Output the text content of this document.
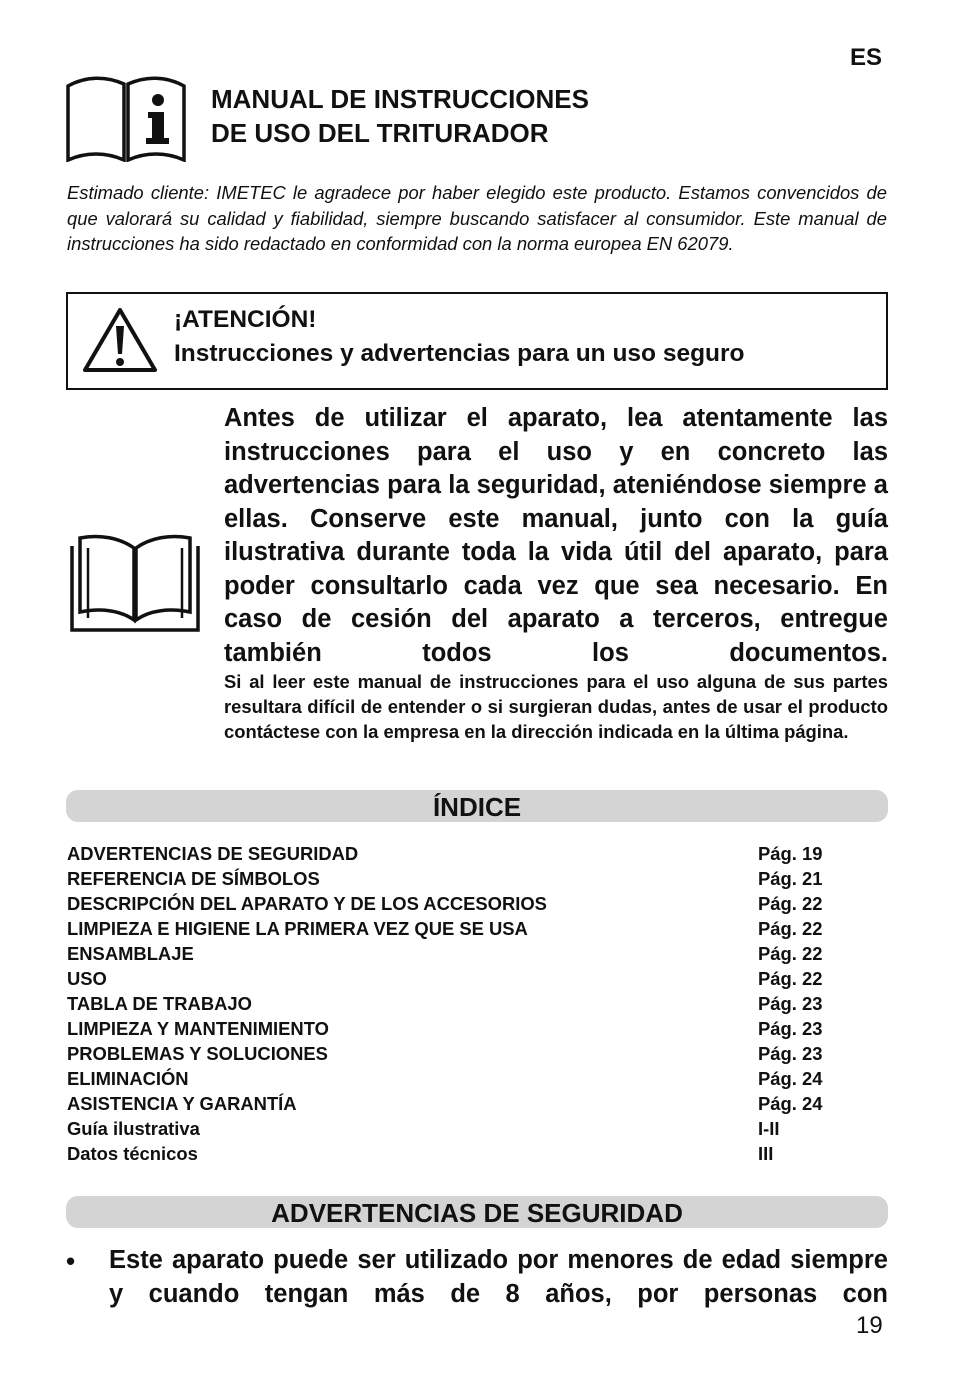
ES
MANUAL DE INSTRUCCIONES
DE USO DEL TRITURADOR
Estimado cliente: IMETEC le agradece por haber elegido este producto. Estamos convencidos de que valorará su calidad y fiabilidad, siempre buscando satisfacer al consumidor. Este manual de instrucciones ha sido redactado en conformidad con la norma europea EN 62079.
¡ATENCIÓN!
Instrucciones y advertencias para un uso seguro
Antes de utilizar el aparato, lea atentamente las instrucciones para el uso y en concreto las advertencias para la seguridad, ateniéndose siempre a ellas. Conserve este manual, junto con la guía ilustrativa durante toda la vida útil del aparato, para poder consultarlo cada vez que sea necesario. En caso de cesión del aparato a terceros, entregue también todos los documentos.
Si al leer este manual de instrucciones para el uso alguna de sus partes resultara difícil de entender o si surgieran dudas, antes de usar el producto contáctese con la empresa en la dirección indicada en la última página.
ÍNDICE
ADVERTENCIAS DE SEGURIDAD	Pág. 19
REFERENCIA DE SÍMBOLOS	Pág. 21
DESCRIPCIÓN DEL APARATO Y DE LOS ACCESORIOS	Pág. 22
LIMPIEZA E HIGIENE LA PRIMERA VEZ QUE SE USA	Pág. 22
ENSAMBLAJE	Pág. 22
USO	Pág. 22
TABLA DE TRABAJO	Pág. 23
LIMPIEZA Y MANTENIMIENTO	Pág. 23
PROBLEMAS Y SOLUCIONES	Pág. 23
ELIMINACIÓN	Pág. 24
ASISTENCIA Y GARANTÍA	Pág. 24
Guía ilustrativa	I-II
Datos técnicos	III
ADVERTENCIAS DE SEGURIDAD
• Este aparato puede ser utilizado por menores de edad siempre y cuando tengan más de 8 años, por personas con
19
